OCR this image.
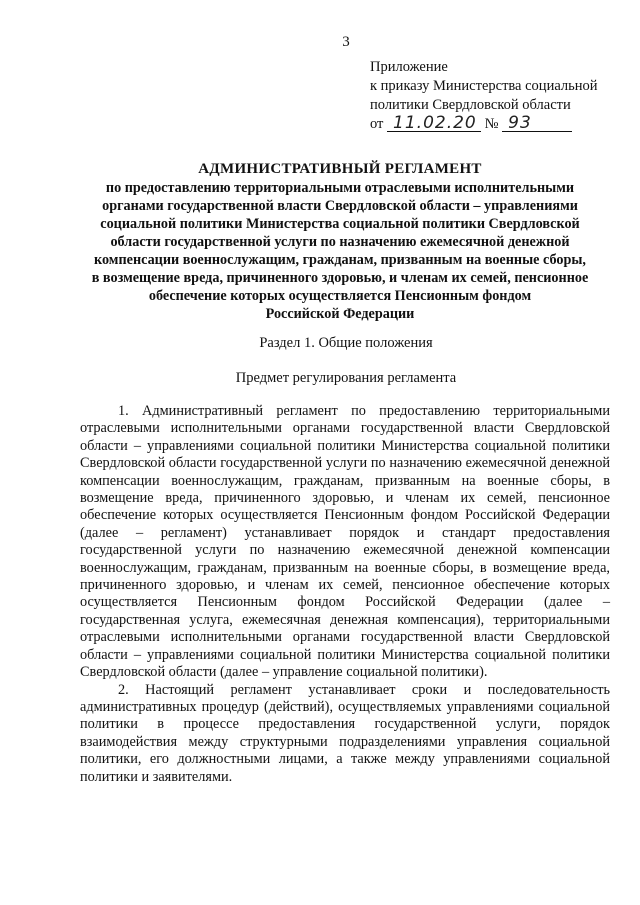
3
Приложение
к приказу Министерства социальной
политики Свердловской области
от 11.02.20 № 93
АДМИНИСТРАТИВНЫЙ РЕГЛАМЕНТ
по предоставлению территориальными отраслевыми исполнительными
органами государственной власти Свердловской области – управлениями
социальной политики Министерства социальной политики Свердловской
области государственной услуги по назначению ежемесячной денежной
компенсации военнослужащим, гражданам, призванным на военные сборы,
в возмещение вреда, причиненного здоровью, и членам их семей, пенсионное
обеспечение которых осуществляется Пенсионным фондом
Российской Федерации
Раздел 1. Общие положения
Предмет регулирования регламента

1. Административный регламент по предоставлению территориальными отраслевыми исполнительными органами государственной власти Свердловской области – управлениями социальной политики Министерства социальной политики Свердловской области государственной услуги по назначению ежемесячной денежной компенсации военнослужащим, гражданам, призванным на военные сборы, в возмещение вреда, причиненного здоровью, и членам их семей, пенсионное обеспечение которых осуществляется Пенсионным фондом Российской Федерации (далее – регламент) устанавливает порядок и стандарт предоставления государственной услуги по назначению ежемесячной денежной компенсации военнослужащим, гражданам, призванным на военные сборы, в возмещение вреда, причиненного здоровью, и членам их семей, пенсионное обеспечение которых осуществляется Пенсионным фондом Российской Федерации (далее – государственная услуга, ежемесячная денежная компенсация), территориальными отраслевыми исполнительными органами государственной власти Свердловской области – управлениями социальной политики Министерства социальной политики Свердловской области (далее – управление социальной политики).

2. Настоящий регламент устанавливает сроки и последовательность административных процедур (действий), осуществляемых управлениями социальной политики в процессе предоставления государственной услуги, порядок взаимодействия между структурными подразделениями управления социальной политики, его должностными лицами, а также между управлениями социальной политики и заявителями.
